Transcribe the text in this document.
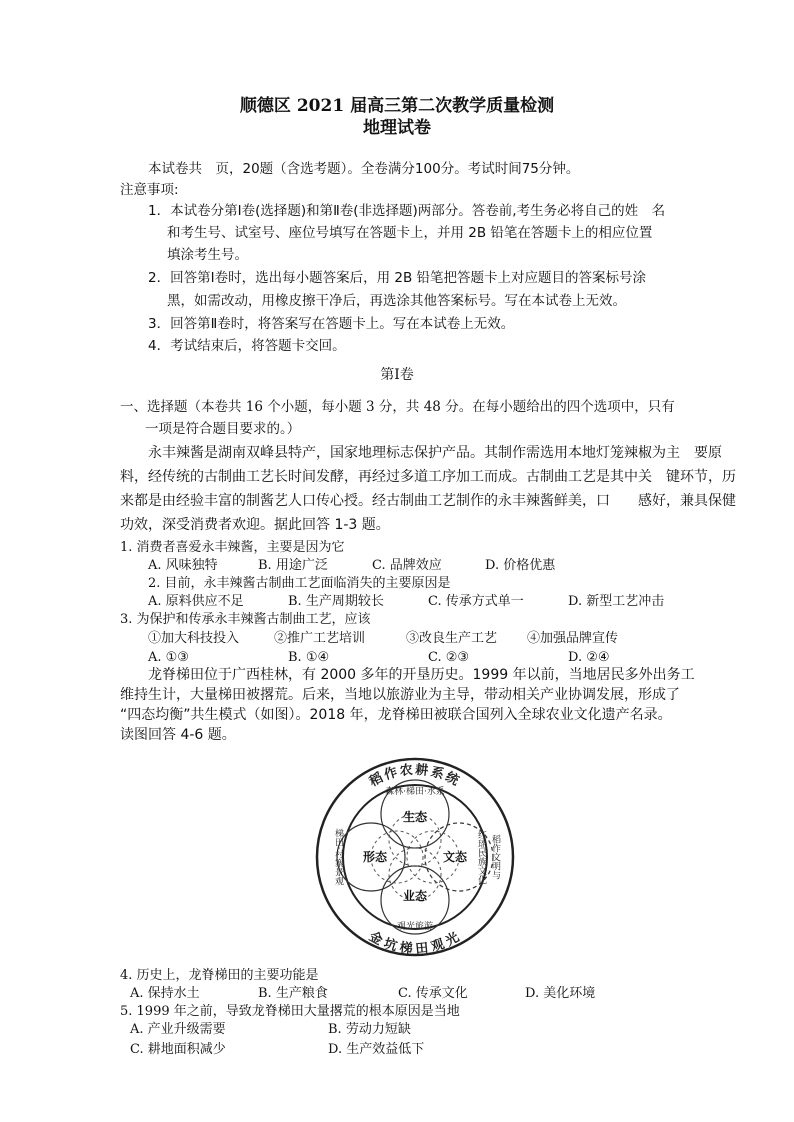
顺德区 2021 届高三第二次教学质量检测
地理试卷
本试卷共　页，20题（含选考题）。全卷满分100分。考试时间75分钟。
注意事项:
1．本试卷分第Ⅰ卷(选择题)和第Ⅱ卷(非选择题)两部分。答卷前,考生务必将自己的姓　名
和考生号、试室号、座位号填写在答题卡上，并用 2B 铅笔在答题卡上的相应位置
填涂考生号。
2．回答第Ⅰ卷时，选出每小题答案后，用 2B 铅笔把答题卡上对应题目的答案标号涂
黑，如需改动，用橡皮擦干净后，再选涂其他答案标号。写在本试卷上无效。
3．回答第Ⅱ卷时，将答案写在答题卡上。写在本试卷上无效。
4．考试结束后，将答题卡交回。
第Ⅰ卷
一、选择题（本卷共 16 个小题，每小题 3 分，共 48 分。在每小题给出的四个选项中，只有
一项是符合题目要求的。）
永丰辣酱是湖南双峰县特产，国家地理标志保护产品。其制作需选用本地灯笼辣椒为主　要原
料，经传统的古制曲工艺长时间发酵，再经过多道工序加工而成。古制曲工艺是其中关　键环节，历
来都是由经验丰富的制酱艺人口传心授。经古制曲工艺制作的永丰辣酱鲜美，口　　感好，兼具保健
功效，深受消费者欢迎。据此回答 1-3 题。
1. 消费者喜爱永丰辣酱，主要是因为它
A. 风味独特	B. 用途广泛	C. 品牌效应	D. 价格优惠
2. 目前，永丰辣酱古制曲工艺面临消失的主要原因是
A. 原料供应不足	B. 生产周期较长	C. 传承方式单一	D. 新型工艺冲击
3. 为保护和传承永丰辣酱古制曲工艺，应该
①加大科技投入	②推广工艺培训	③改良生产工艺 ④加强品牌宣传
A. ①③	B. ①④	C. ②③	D. ②④
龙脊梯田位于广西桂林，有 2000 多年的开垦历史。1999 年以前，当地居民多外出务工
维持生计，大量梯田被撂荒。后来，当地以旅游业为主导，带动相关产业协调发展，形成了
“四态均衡”共生模式（如图）。2018 年，龙脊梯田被联合国列入全球农业文化遗产名录。
读图回答 4-6 题。
稻作农耕系统
金坑梯田观光
森林·梯田·水系
观光旅游
梯田·村寨景观	红瑶民族文化 稻作文明与
生态
形态	文态
业态
4. 历史上，龙脊梯田的主要功能是
A. 保持水土	B. 生产粮食	C. 传承文化	D. 美化环境
5. 1999 年之前，导致龙脊梯田大量撂荒的根本原因是当地
A. 产业升级需要	B. 劳动力短缺
C. 耕地面积减少	D. 生产效益低下
